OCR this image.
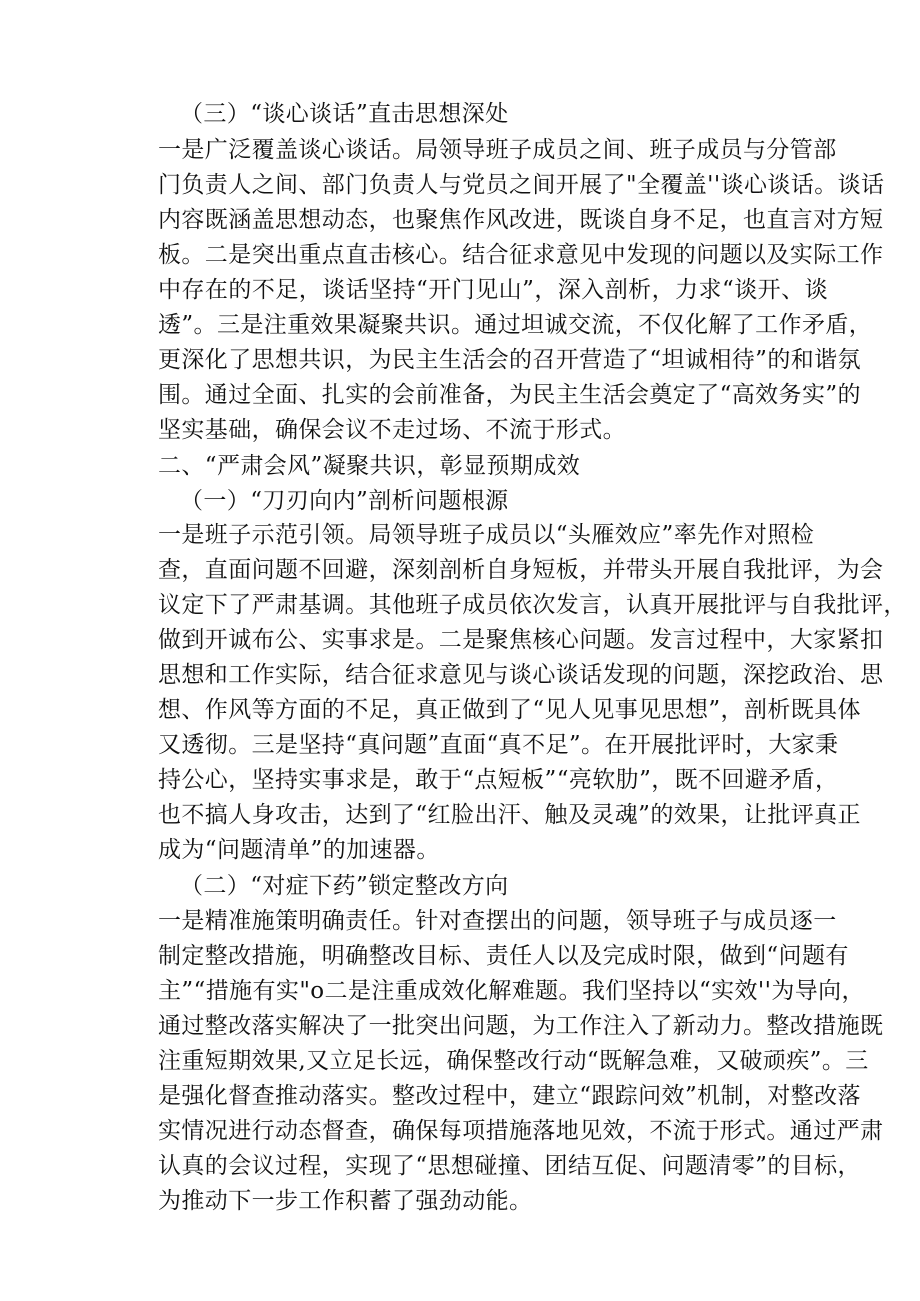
（三）“谈心谈话”直击思想深处
一是广泛覆盖谈心谈话。局领导班子成员之间、班子成员与分管部
门负责人之间、部门负责人与党员之间开展了"全覆盖''谈心谈话。谈话
内容既涵盖思想动态，也聚焦作风改进，既谈自身不足，也直言对方短
板。二是突出重点直击核心。结合征求意见中发现的问题以及实际工作
中存在的不足，谈话坚持“开门见山”，深入剖析，力求“谈开、谈
透”。三是注重效果凝聚共识。通过坦诚交流，不仅化解了工作矛盾，
更深化了思想共识，为民主生活会的召开营造了“坦诚相待”的和谐氛
围。通过全面、扎实的会前准备，为民主生活会奠定了“高效务实”的
坚实基础，确保会议不走过场、不流于形式。
二、“严肃会风”凝聚共识，彰显预期成效
（一）“刀刃向内”剖析问题根源
一是班子示范引领。局领导班子成员以“头雁效应”率先作对照检
查，直面问题不回避，深刻剖析自身短板，并带头开展自我批评，为会
议定下了严肃基调。其他班子成员依次发言，认真开展批评与自我批评，
做到开诚布公、实事求是。二是聚焦核心问题。发言过程中，大家紧扣
思想和工作实际，结合征求意见与谈心谈话发现的问题，深挖政治、思
想、作风等方面的不足，真正做到了“见人见事见思想”，剖析既具体
又透彻。三是坚持“真问题”直面“真不足”。在开展批评时，大家秉
持公心，坚持实事求是，敢于“点短板”“亮软肋”，既不回避矛盾，
也不搞人身攻击，达到了“红脸出汗、触及灵魂”的效果，让批评真正
成为“问题清单”的加速器。
（二）“对症下药”锁定整改方向
一是精准施策明确责任。针对查摆出的问题，领导班子与成员逐一
制定整改措施，明确整改目标、责任人以及完成时限，做到“问题有
主”“措施有实"o二是注重成效化解难题。我们坚持以“实效''为导向，
通过整改落实解决了一批突出问题，为工作注入了新动力。整改措施既
注重短期效果,又立足长远，确保整改行动“既解急难，又破顽疾”。三
是强化督查推动落实。整改过程中，建立“跟踪问效”机制，对整改落
实情况进行动态督查，确保每项措施落地见效，不流于形式。通过严肃
认真的会议过程，实现了“思想碰撞、团结互促、问题清零”的目标，
为推动下一步工作积蓄了强劲动能。
